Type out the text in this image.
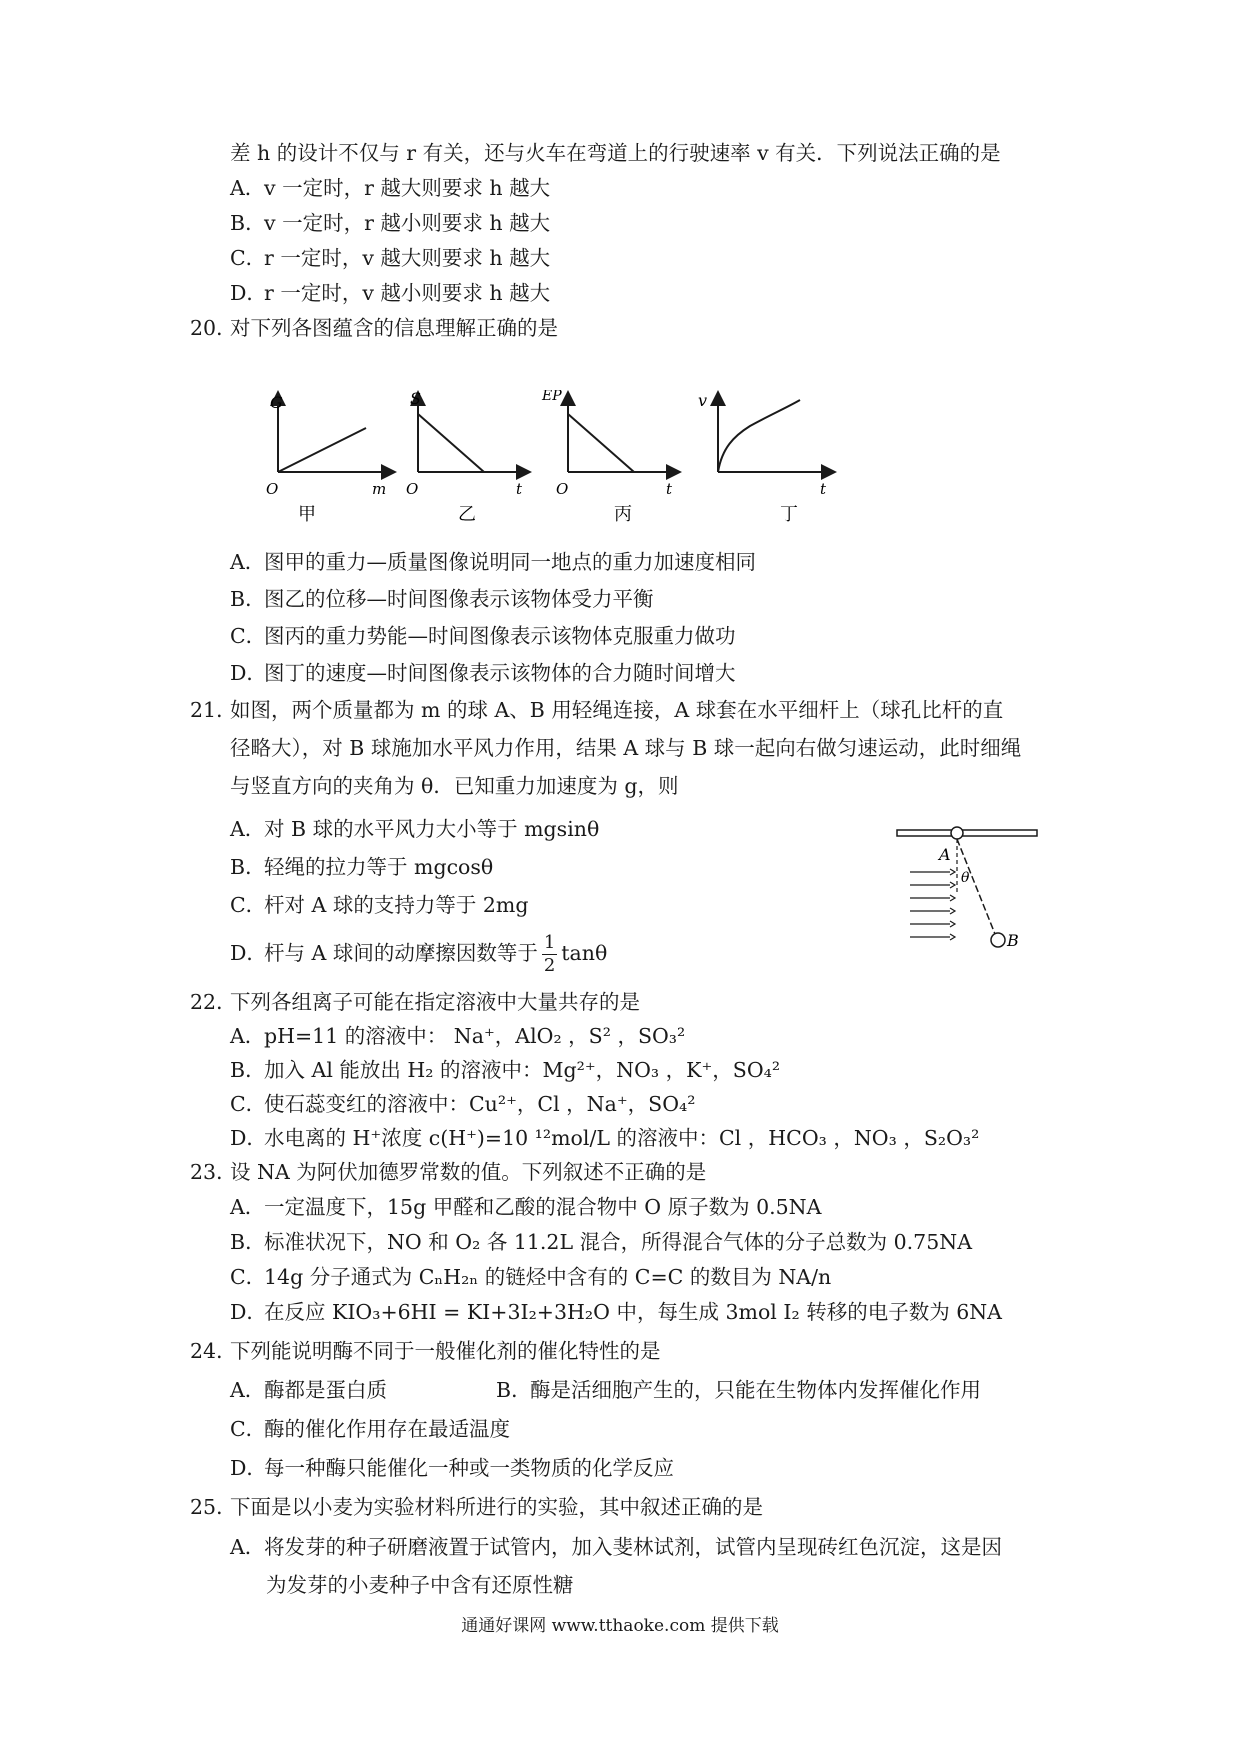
差 h 的设计不仅与 r 有关，还与火车在弯道上的行驶速率 v 有关．下列说法正确的是
A．v 一定时，r 越大则要求 h 越大
B．v 一定时，r 越小则要求 h 越大
C．r 一定时，v 越大则要求 h 越大
D．r 一定时，v 越小则要求 h 越大
20．对下列各图蕴含的信息理解正确的是
G
O	m
甲
S
O	t
乙
EP
O	t
丙
v
t
丁
A．图甲的重力—质量图像说明同一地点的重力加速度相同
B．图乙的位移—时间图像表示该物体受力平衡
C．图丙的重力势能—时间图像表示该物体克服重力做功
D．图丁的速度—时间图像表示该物体的合力随时间增大
21．如图，两个质量都为 m 的球 A、B 用轻绳连接，A 球套在水平细杆上（球孔比杆的直
径略大），对 B 球施加水平风力作用，结果 A 球与 B 球一起向右做匀速运动，此时细绳
与竖直方向的夹角为 θ．已知重力加速度为 g，则
A．对 B 球的水平风力大小等于 mgsinθ
B．轻绳的拉力等于 mgcosθ
C．杆对 A 球的支持力等于 2mg
D．杆与 A 球间的动摩擦因数等于 $\frac{1}{2}$ tanθ
A
B
θ
22．下列各组离子可能在指定溶液中大量共存的是
A．pH=11 的溶液中： Na⁺，AlO₂ ，S² ，SO₃²
B．加入 Al 能放出 H₂ 的溶液中：Mg²⁺，NO₃ ，K⁺，SO₄²
C．使石蕊变红的溶液中：Cu²⁺，Cl ，Na⁺，SO₄²
D．水电离的 H⁺浓度 c(H⁺)=10 ¹²mol/L 的溶液中：Cl ，HCO₃ ，NO₃ ，S₂O₃²
23．设 NA 为阿伏加德罗常数的值。下列叙述不正确的是
A．一定温度下，15g 甲醛和乙酸的混合物中 O 原子数为 0.5NA
B．标准状况下，NO 和 O₂ 各 11.2L 混合，所得混合气体的分子总数为 0.75NA
C．14g 分子通式为 CₙH₂ₙ 的链烃中含有的 C=C 的数目为 NA/n
D．在反应 KIO₃+6HI = KI+3I₂+3H₂O 中，每生成 3mol I₂ 转移的电子数为 6NA
24．下列能说明酶不同于一般催化剂的催化特性的是
A．酶都是蛋白质	B．酶是活细胞产生的，只能在生物体内发挥催化作用
C．酶的催化作用存在最适温度
D．每一种酶只能催化一种或一类物质的化学反应
25．下面是以小麦为实验材料所进行的实验，其中叙述正确的是
A．将发芽的种子研磨液置于试管内，加入斐林试剂，试管内呈现砖红色沉淀，这是因
为发芽的小麦种子中含有还原性糖
通通好课网 www.tthaoke.com 提供下载
